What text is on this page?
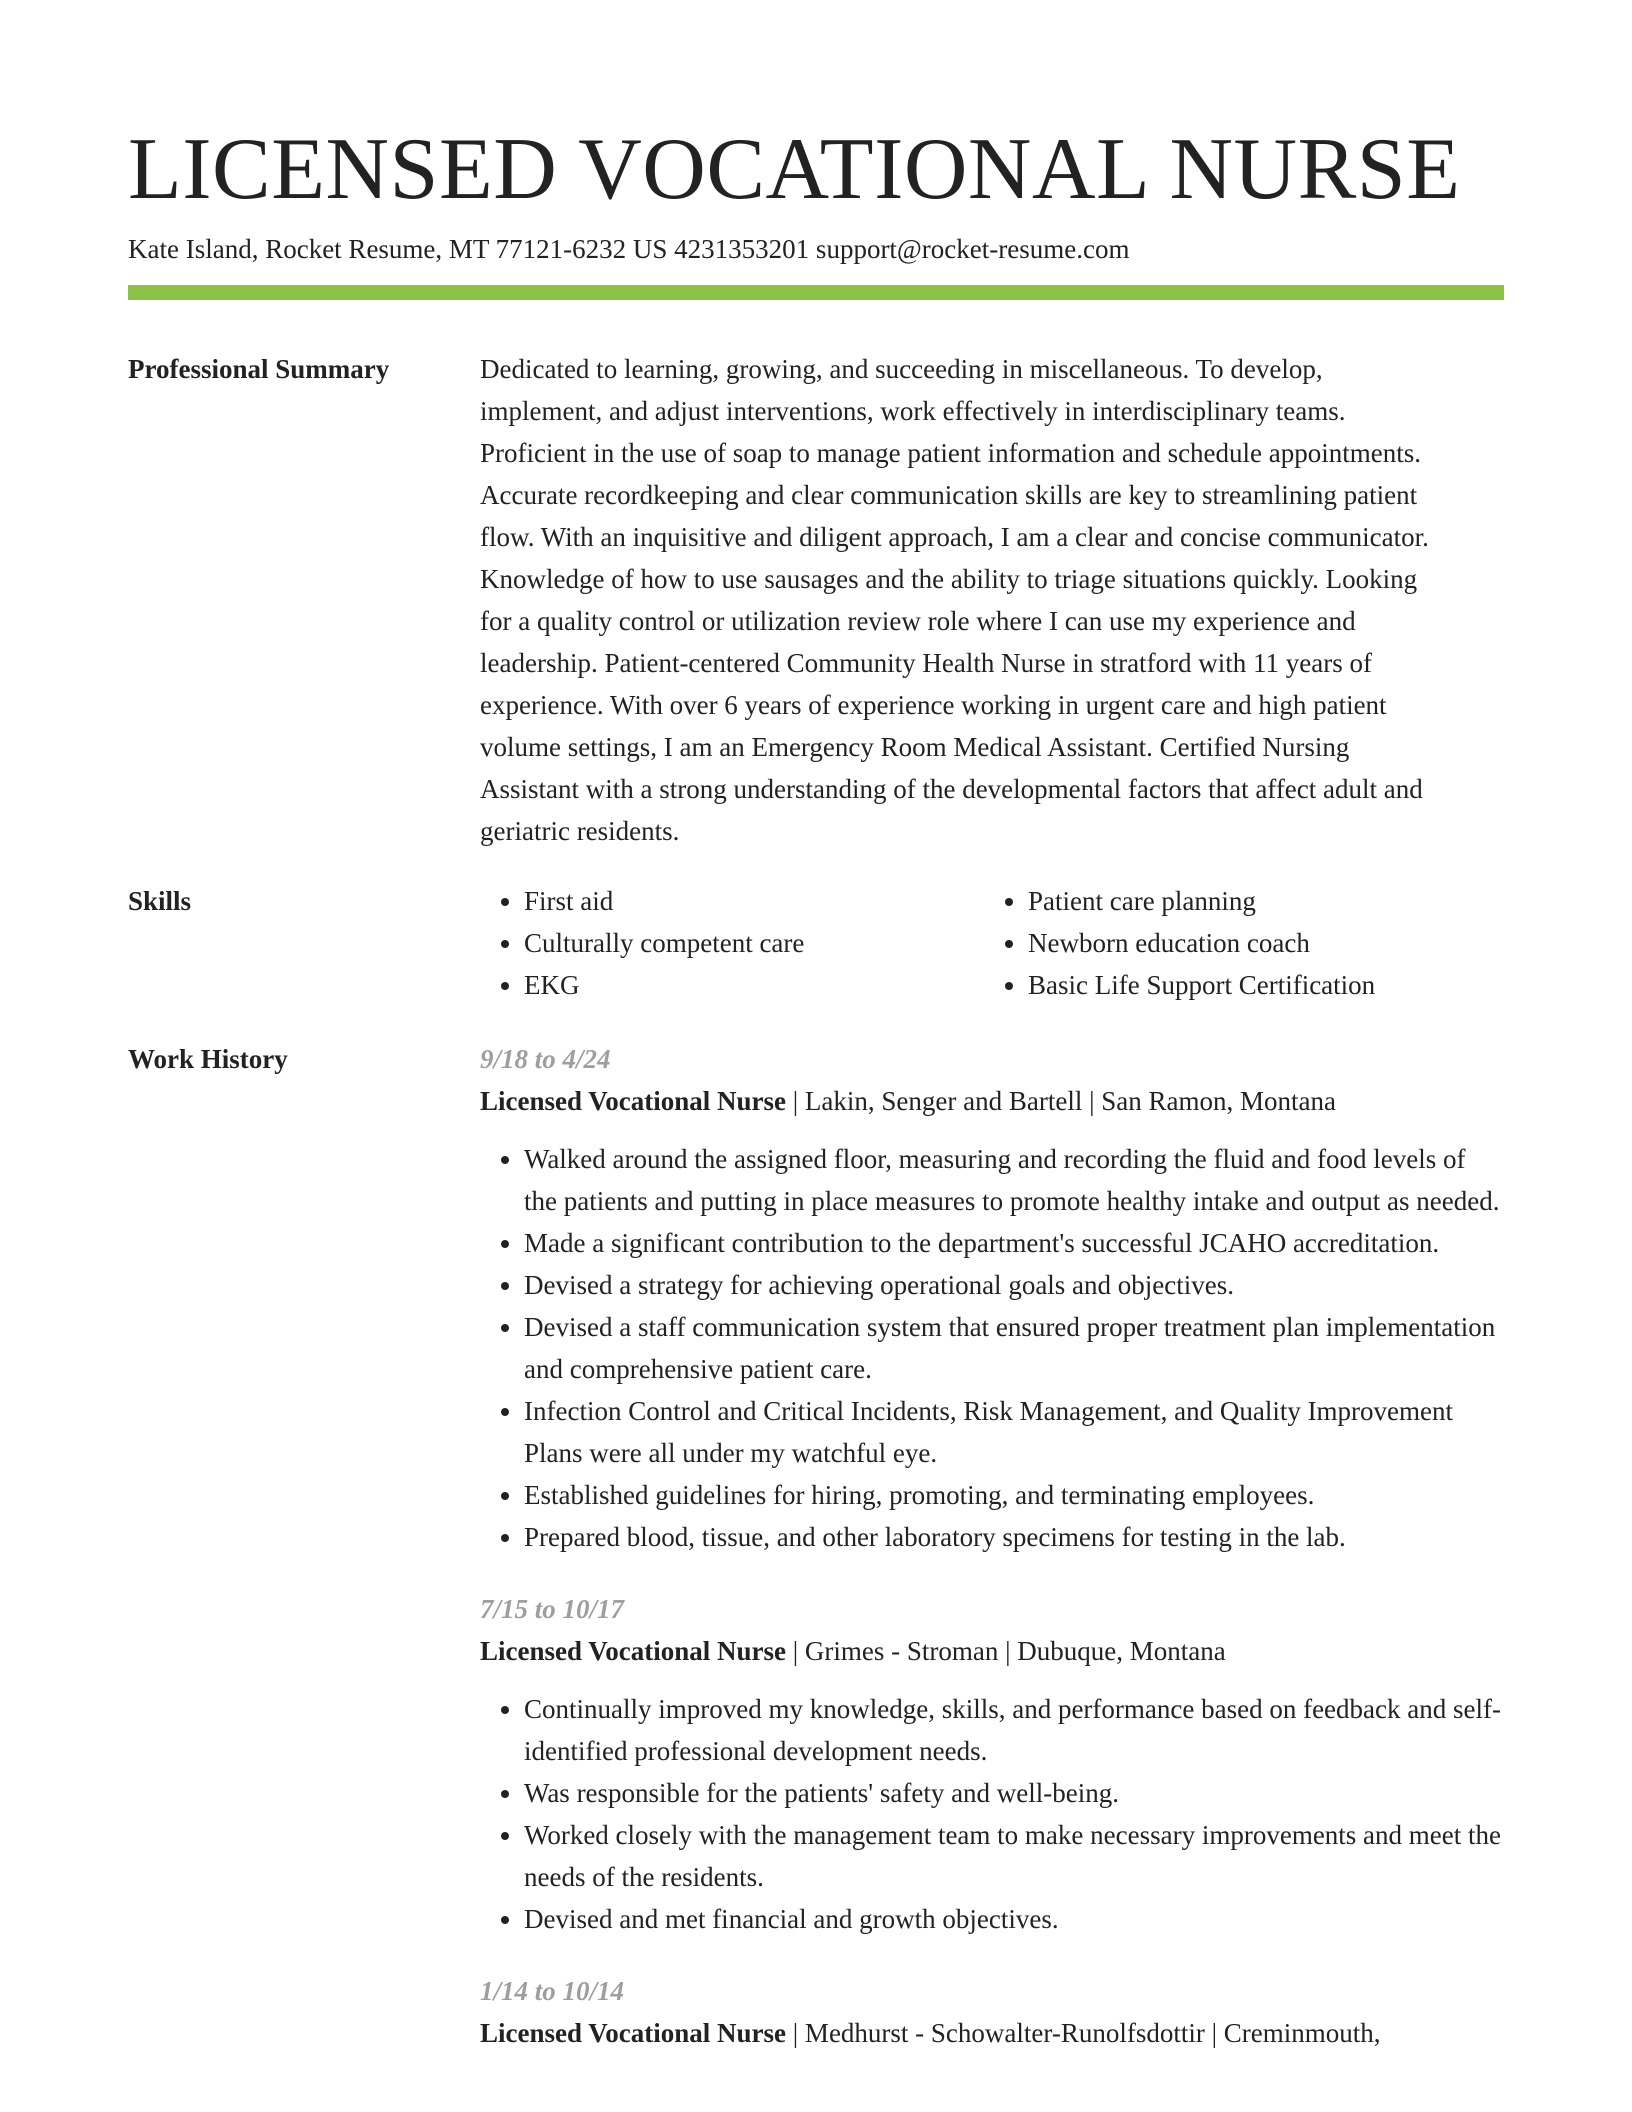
LICENSED VOCATIONAL NURSE
Kate Island, Rocket Resume, MT 77121-6232 US 4231353201 support@rocket-resume.com
Professional Summary	Dedicated to learning, growing, and succeeding in miscellaneous. To develop,
implement, and adjust interventions, work effectively in interdisciplinary teams.
Proficient in the use of soap to manage patient information and schedule appointments.
Accurate recordkeeping and clear communication skills are key to streamlining patient
flow. With an inquisitive and diligent approach, I am a clear and concise communicator.
Knowledge of how to use sausages and the ability to triage situations quickly. Looking
for a quality control or utilization review role where I can use my experience and
leadership. Patient-centered Community Health Nurse in stratford with 11 years of
experience. With over 6 years of experience working in urgent care and high patient
volume settings, I am an Emergency Room Medical Assistant. Certified Nursing
Assistant with a strong understanding of the developmental factors that affect adult and
geriatric residents.
Skills
•	First aid
• Culturally competent care
• EKG
• Patient care planning
• Newborn education coach
• Basic Life Support Certification
Work History	9/18 to 4/24
Licensed Vocational Nurse | Lakin, Senger and Bartell | San Ramon, Montana
• Walked around the assigned floor, measuring and recording the fluid and food levels of the patients and putting in place measures to promote healthy intake and output as needed.
• Made a significant contribution to the department's successful JCAHO accreditation.
• Devised a strategy for achieving operational goals and objectives.
• Devised a staff communication system that ensured proper treatment plan implementation and comprehensive patient care.
• Infection Control and Critical Incidents, Risk Management, and Quality Improvement Plans were all under my watchful eye.
• Established guidelines for hiring, promoting, and terminating employees.
• Prepared blood, tissue, and other laboratory specimens for testing in the lab.
7/15 to 10/17
Licensed Vocational Nurse | Grimes - Stroman | Dubuque, Montana
• Continually improved my knowledge, skills, and performance based on feedback and self-identified professional development needs.
• Was responsible for the patients' safety and well-being.
• Worked closely with the management team to make necessary improvements and meet the needs of the residents.
• Devised and met financial and growth objectives.
1/14 to 10/14
Licensed Vocational Nurse | Medhurst - Schowalter-Runolfsdottir | Creminmouth,
